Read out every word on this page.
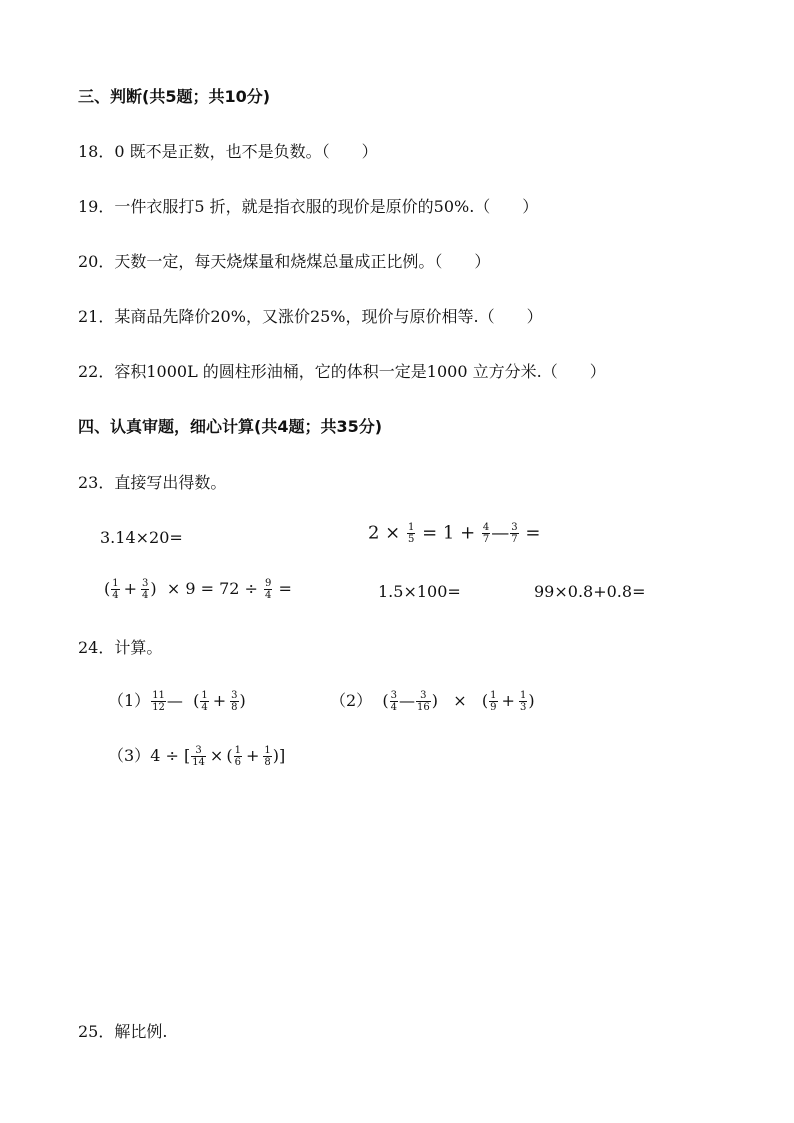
三、判断(共5题；共10分)
18．0 既不是正数，也不是负数。（　　）
19．一件衣服打5 折，就是指衣服的现价是原价的50%.（　　）
20．天数一定，每天烧煤量和烧煤总量成正比例。（　　）
21．某商品先降价20%，又涨价25%，现价与原价相等.（　　）
22．容积1000L 的圆柱形油桶，它的体积一定是1000 立方分米.（　　）
四、认真审题，细心计算(共4题；共35分)
23．直接写出得数。
3.14×20=	$2 \times \frac{1}{5} = 1 + \frac{4}{7}$ — $\frac{3}{7}$ =
( $\frac{1}{4} + \frac{3}{4}$ ) × $9 = 72 \div \frac{9}{4}$ =	1.5×100=	99×0.8+0.8=
24．计算。
$(1) \frac{11}{12}$ — ( $\frac{1}{4} + \frac{3}{8}$ )	（2） ( $\frac{3}{4}$ — $\frac{3}{16}$ ) × ( $\frac{1}{9} + \frac{1}{3}$ )
（3）4 ÷ [ $\frac{3}{14}$ × ( $\frac{1}{6} + \frac{1}{8}$ )]
25．解比例.
